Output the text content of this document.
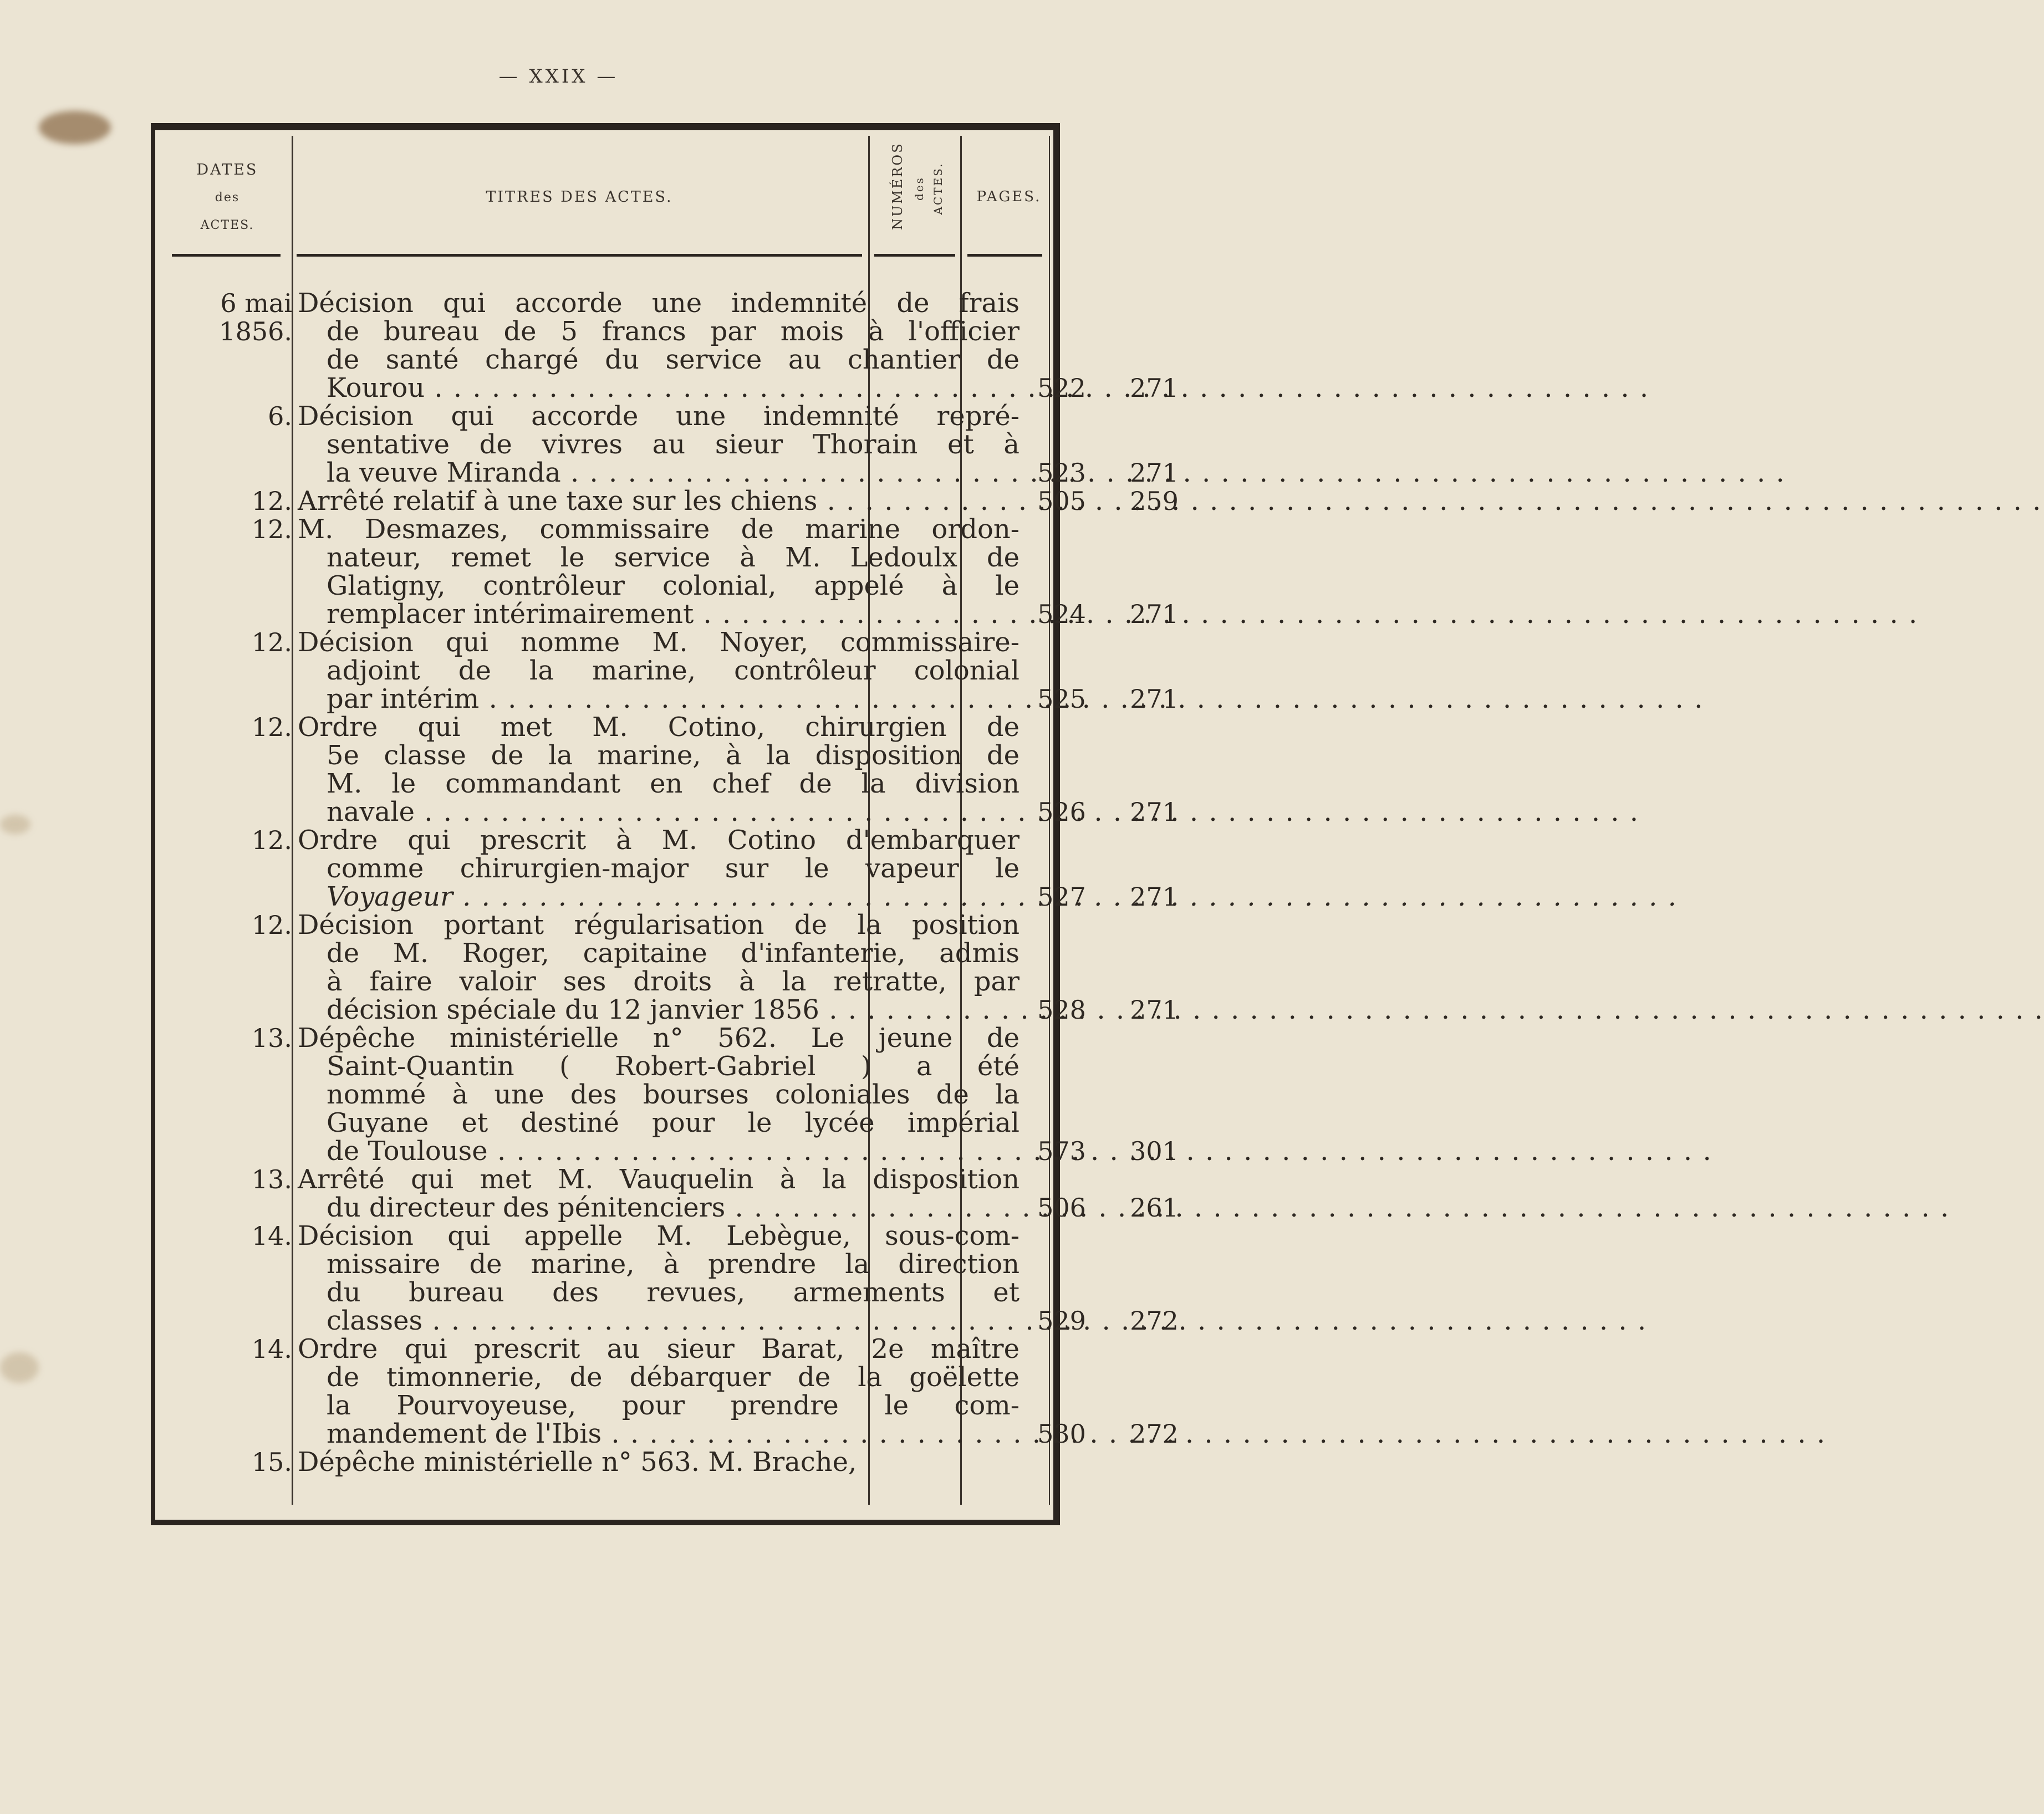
— XXIX —
DATES
des
ACTES.
TITRES DES ACTES.	NUMÉROS des ACTES.	PAGES.
6 mai
1856.
Décision qui accorde une indemnité de frais
de bureau de 5 francs par mois à l'officier
de santé chargé du service au chantier de
Kourou . . .	522	271
6. Décision qui accorde une indemnité repré-
sentative de vivres au sieur Thorain et à
la veuve Miranda . . .	523	271
12. Arrêté relatif à une taxe sur les chiens . . .	505	259
12. M. Desmazes, commissaire de marine ordon-
nateur, remet le service à M. Ledoulx de
Glatigny, contrôleur colonial, appelé à le
remplacer intérimairement . . .	524	271
12. Décision qui nomme M. Noyer, commissaire-
adjoint de la marine, contrôleur colonial
par intérim . . .	525	271
12. Ordre qui met M. Cotino, chirurgien de
5e classe de la marine, à la disposition de
M. le commandant en chef de la division
navale . . .	526	271
12. Ordre qui prescrit à M. Cotino d'embarquer
comme chirurgien-major sur le vapeur le
Voyageur . . .	527	271
12. Décision portant régularisation de la position
de M. Roger, capitaine d'infanterie, admis
à faire valoir ses droits à la retratte, par
décision spéciale du 12 janvier 1856 . . .	528	271
13. Dépêche ministérielle n° 562. Le jeune de
Saint-Quantin ( Robert-Gabriel ) a été
nommé à une des bourses coloniales de la
Guyane et destiné pour le lycée impérial
de Toulouse . . .	573	301
13. Arrêté qui met M. Vauquelin à la disposition
du directeur des pénitenciers . . .	506	261
14. Décision qui appelle M. Lebègue, sous-com-
missaire de marine, à prendre la direction
du bureau des revues, armements et
classes . . .	529	272
14. Ordre qui prescrit au sieur Barat, 2e maître
de timonnerie, de débarquer de la goëlette
la Pourvoyeuse, pour prendre le com-
mandement de l'Ibis . . .	530	272
15. Dépêche ministérielle n° 563. M. Brache,
